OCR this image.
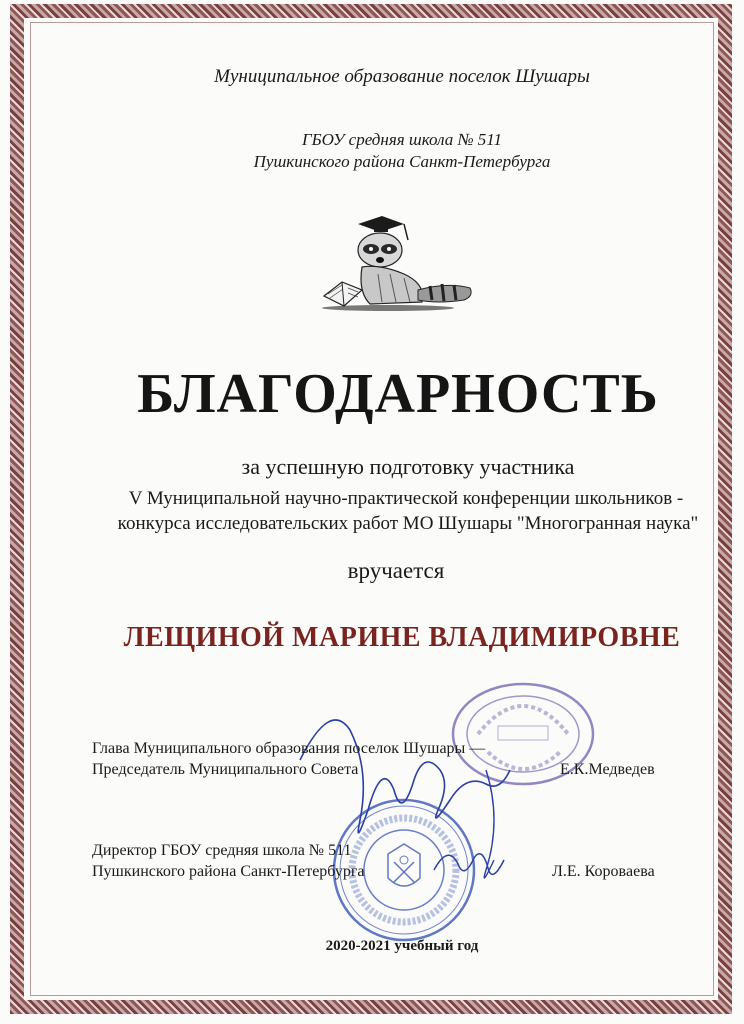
Муниципальное образование поселок Шушары
ГБОУ средняя школа № 511
Пушкинского района Санкт-Петербурга
БЛАГОДАРНОСТЬ
за успешную подготовку участника
V Муниципальной научно-практической конференции школьников -
конкурса исследовательских работ МО Шушары "Многогранная наука"
вручается
ЛЕЩИНОЙ МАРИНЕ ВЛАДИМИРОВНЕ
Глава Муниципального образования поселок Шушары —
Председатель Муниципального Совета	Е.К.Медведев
Директор ГБОУ средняя школа № 511
Пушкинского района Санкт-Петербурга	Л.Е. Коровaева
2020-2021 учебный год
